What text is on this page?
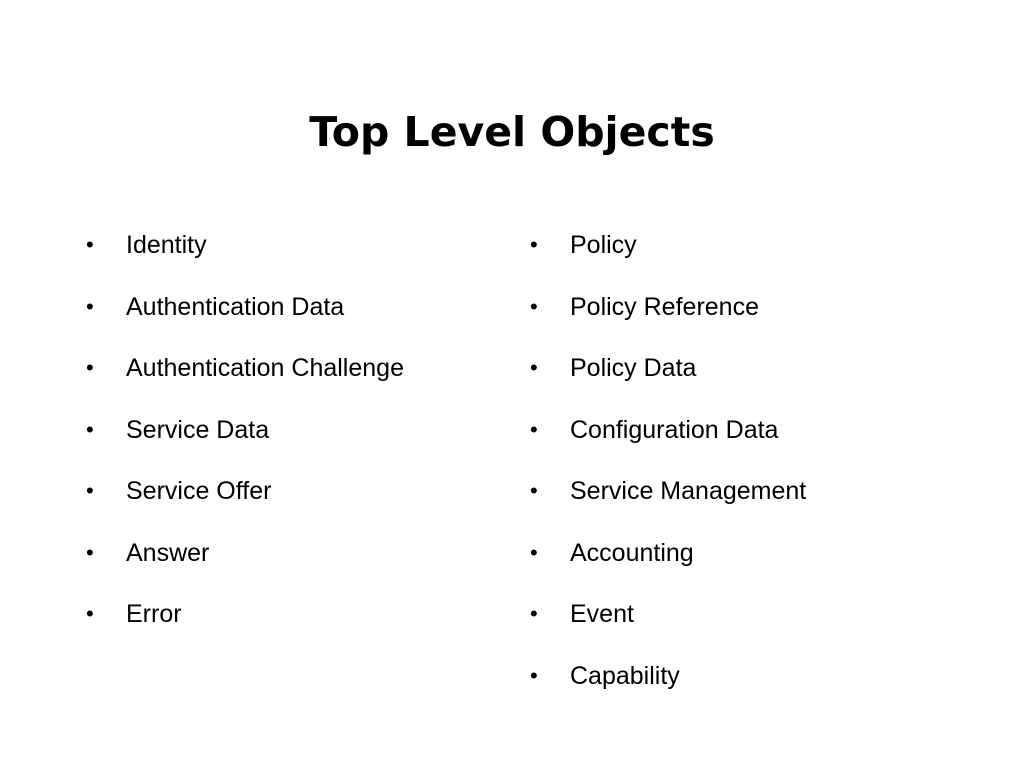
Top Level Objects
•	Identity
•	Authentication Data
•	Authentication Challenge
•	Service Data
•	Service Offer
•	Answer
•	Error
•	Policy
•	Policy Reference
•	Policy Data
•	Configuration Data
•	Service Management
•	Accounting
•	Event
•	Capability
